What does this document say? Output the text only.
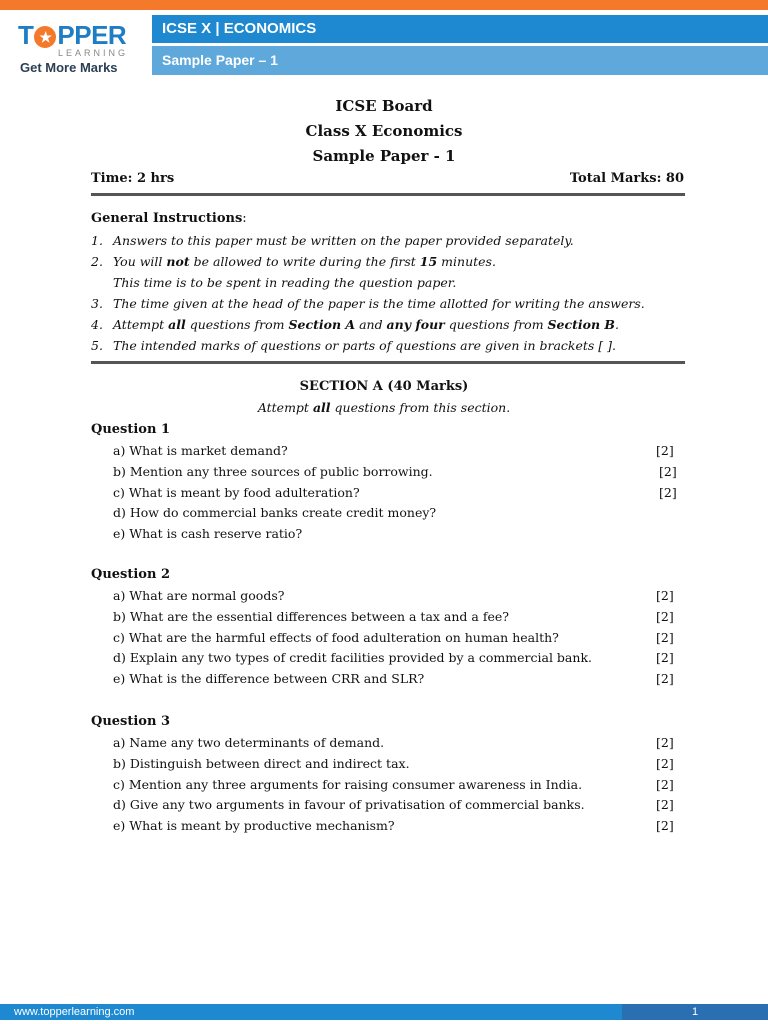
T ★ PPER
LEARNING
Get More Marks
ICSE X | ECONOMICS
Sample Paper – 1
ICSE Board
Class X Economics
Sample Paper - 1
Time: 2 hrs	Total Marks: 80
General Instructions:
1. Answers to this paper must be written on the paper provided separately.
2. You will not be allowed to write during the first 15 minutes.
This time is to be spent in reading the question paper.
3. The time given at the head of the paper is the time allotted for writing the answers.
4. Attempt all questions from Section A and any four questions from Section B.
5. The intended marks of questions or parts of questions are given in brackets [ ].
SECTION A (40 Marks)
Attempt all questions from this section.
Question 1
a) What is market demand?	[2]
b) Mention any three sources of public borrowing.	[2]
c) What is meant by food adulteration?	[2]
d) How do commercial banks create credit money?
e) What is cash reserve ratio?
Question 2
a) What are normal goods?	[2]
b) What are the essential differences between a tax and a fee?	[2]
c) What are the harmful effects of food adulteration on human health?	[2]
d) Explain any two types of credit facilities provided by a commercial bank.	[2]
e) What is the difference between CRR and SLR?	[2]
Question 3
a) Name any two determinants of demand.	[2]
b) Distinguish between direct and indirect tax.	[2]
c) Mention any three arguments for raising consumer awareness in India.	[2]
d) Give any two arguments in favour of privatisation of commercial banks.	[2]
e) What is meant by productive mechanism?	[2]
www.topperlearning.com	1
